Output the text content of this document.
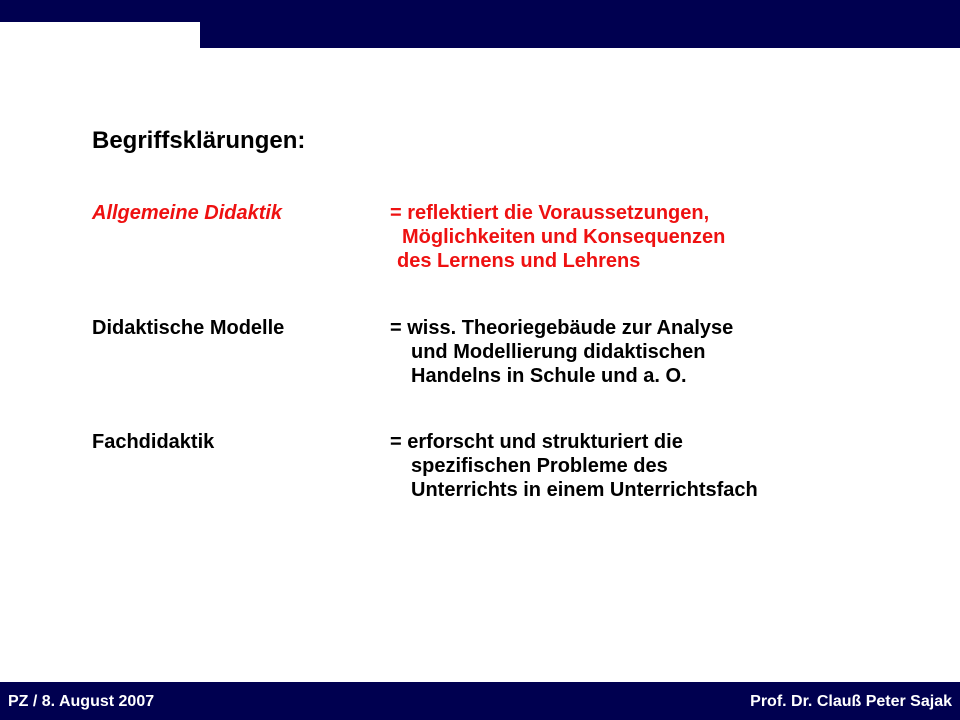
Begriffsklärungen:
Allgemeine Didaktik	= reflektiert die Voraussetzungen,
Möglichkeiten und Konsequenzen
des Lernens und Lehrens
Didaktische Modelle	= wiss. Theoriegebäude zur Analyse
und Modellierung didaktischen
Handelns in Schule und a. O.
Fachdidaktik	= erforscht und strukturiert die
spezifischen Probleme des
Unterrichts in einem Unterrichtsfach
PZ / 8. August 2007	Prof. Dr. Clauß Peter Sajak
